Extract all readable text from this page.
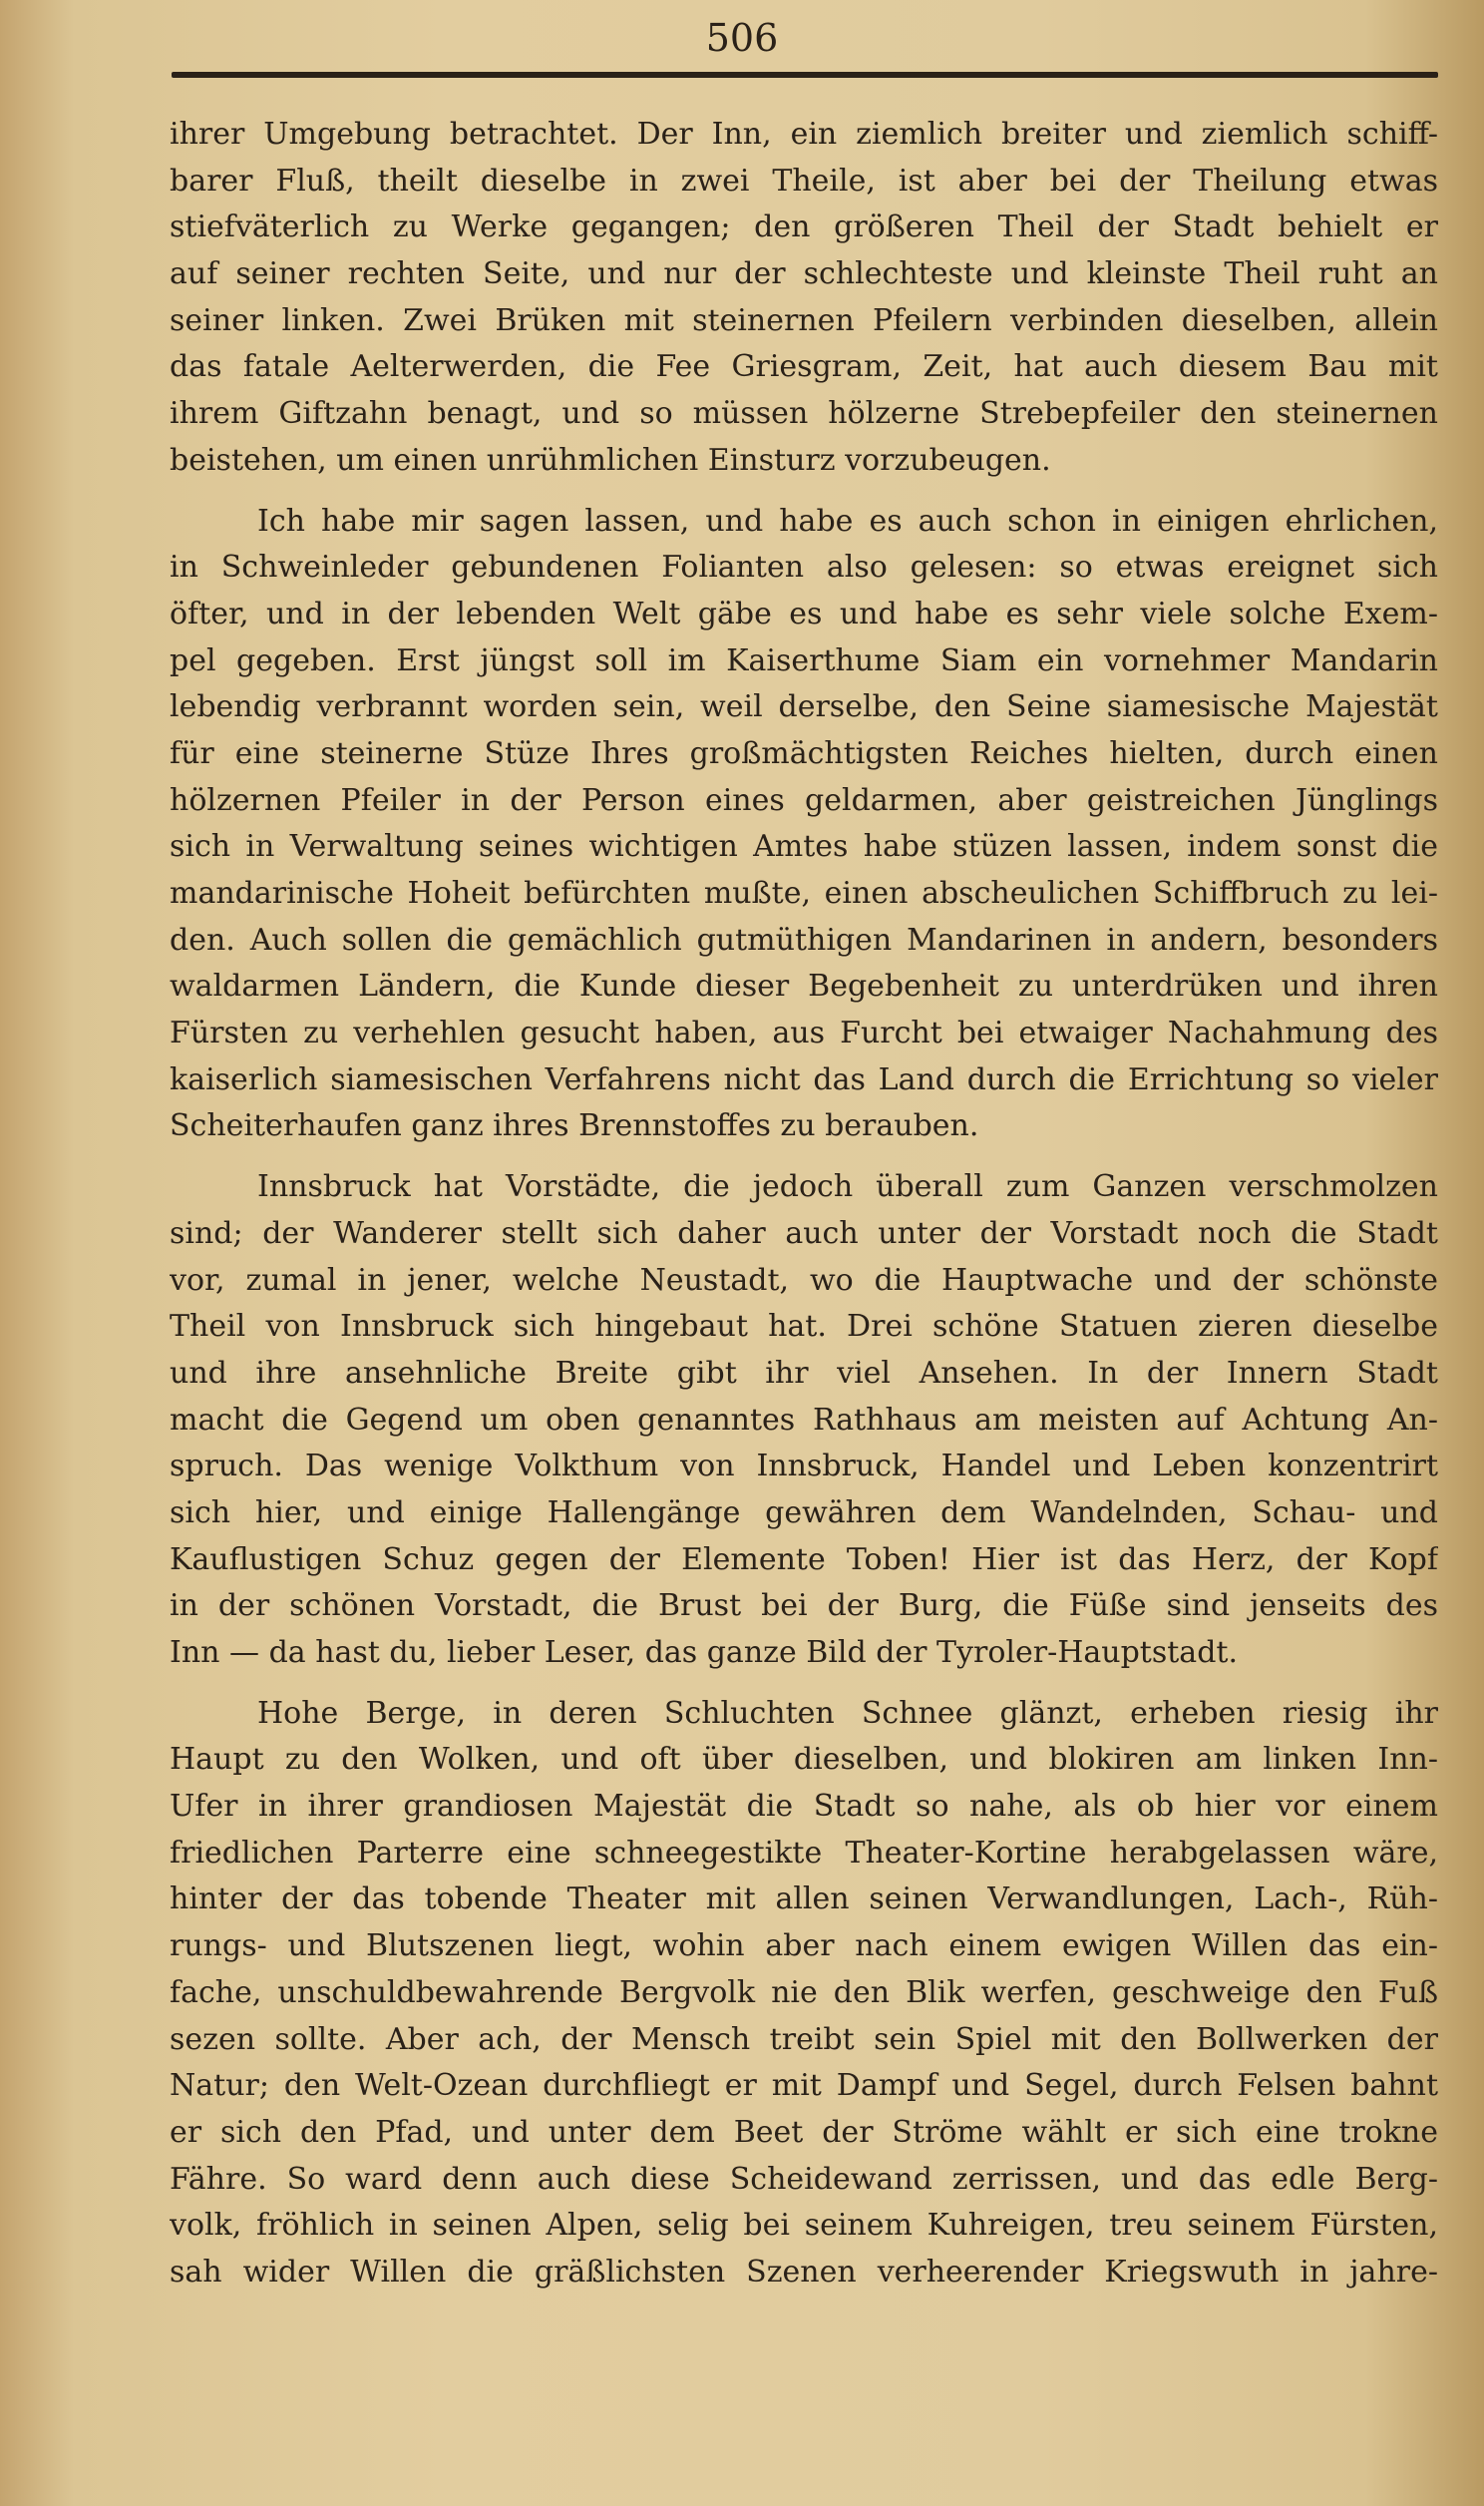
506
ihrer Umgebung betrachtet. Der Inn, ein ziemlich breiter und ziemlich schiff-
barer Fluß, theilt dieselbe in zwei Theile, ist aber bei der Theilung etwas
stiefväterlich zu Werke gegangen; den größeren Theil der Stadt behielt er
auf seiner rechten Seite, und nur der schlechteste und kleinste Theil ruht an
seiner linken. Zwei Brüken mit steinernen Pfeilern verbinden dieselben, allein
das fatale Aelterwerden, die Fee Griesgram, Zeit, hat auch diesem Bau mit
ihrem Giftzahn benagt, und so müssen hölzerne Strebepfeiler den steinernen
beistehen, um einen unrühmlichen Einsturz vorzubeugen.
Ich habe mir sagen lassen, und habe es auch schon in einigen ehrlichen,
in Schweinleder gebundenen Folianten also gelesen: so etwas ereignet sich
öfter, und in der lebenden Welt gäbe es und habe es sehr viele solche Exem-
pel gegeben. Erst jüngst soll im Kaiserthume Siam ein vornehmer Mandarin
lebendig verbrannt worden sein, weil derselbe, den Seine siamesische Majestät
für eine steinerne Stüze Ihres großmächtigsten Reiches hielten, durch einen
hölzernen Pfeiler in der Person eines geldarmen, aber geistreichen Jünglings
sich in Verwaltung seines wichtigen Amtes habe stüzen lassen, indem sonst die
mandarinische Hoheit befürchten mußte, einen abscheulichen Schiffbruch zu lei-
den. Auch sollen die gemächlich gutmüthigen Mandarinen in andern, besonders
waldarmen Ländern, die Kunde dieser Begebenheit zu unterdrüken und ihren
Fürsten zu verhehlen gesucht haben, aus Furcht bei etwaiger Nachahmung des
kaiserlich siamesischen Verfahrens nicht das Land durch die Errichtung so vieler
Scheiterhaufen ganz ihres Brennstoffes zu berauben.
Innsbruck hat Vorstädte, die jedoch überall zum Ganzen verschmolzen
sind; der Wanderer stellt sich daher auch unter der Vorstadt noch die Stadt
vor, zumal in jener, welche Neustadt, wo die Hauptwache und der schönste
Theil von Innsbruck sich hingebaut hat. Drei schöne Statuen zieren dieselbe
und ihre ansehnliche Breite gibt ihr viel Ansehen. In der Innern Stadt
macht die Gegend um oben genanntes Rathhaus am meisten auf Achtung An-
spruch. Das wenige Volkthum von Innsbruck, Handel und Leben konzentrirt
sich hier, und einige Hallengänge gewähren dem Wandelnden, Schau- und
Kauflustigen Schuz gegen der Elemente Toben! Hier ist das Herz, der Kopf
in der schönen Vorstadt, die Brust bei der Burg, die Füße sind jenseits des
Inn — da hast du, lieber Leser, das ganze Bild der Tyroler-Hauptstadt.
Hohe Berge, in deren Schluchten Schnee glänzt, erheben riesig ihr
Haupt zu den Wolken, und oft über dieselben, und blokiren am linken Inn-
Ufer in ihrer grandiosen Majestät die Stadt so nahe, als ob hier vor einem
friedlichen Parterre eine schneegestikte Theater-Kortine herabgelassen wäre,
hinter der das tobende Theater mit allen seinen Verwandlungen, Lach-, Rüh-
rungs- und Blutszenen liegt, wohin aber nach einem ewigen Willen das ein-
fache, unschuldbewahrende Bergvolk nie den Blik werfen, geschweige den Fuß
sezen sollte. Aber ach, der Mensch treibt sein Spiel mit den Bollwerken der
Natur; den Welt-Ozean durchfliegt er mit Dampf und Segel, durch Felsen bahnt
er sich den Pfad, und unter dem Beet der Ströme wählt er sich eine trokne
Fähre. So ward denn auch diese Scheidewand zerrissen, und das edle Berg-
volk, fröhlich in seinen Alpen, selig bei seinem Kuhreigen, treu seinem Fürsten,
sah wider Willen die gräßlichsten Szenen verheerender Kriegswuth in jahre-
